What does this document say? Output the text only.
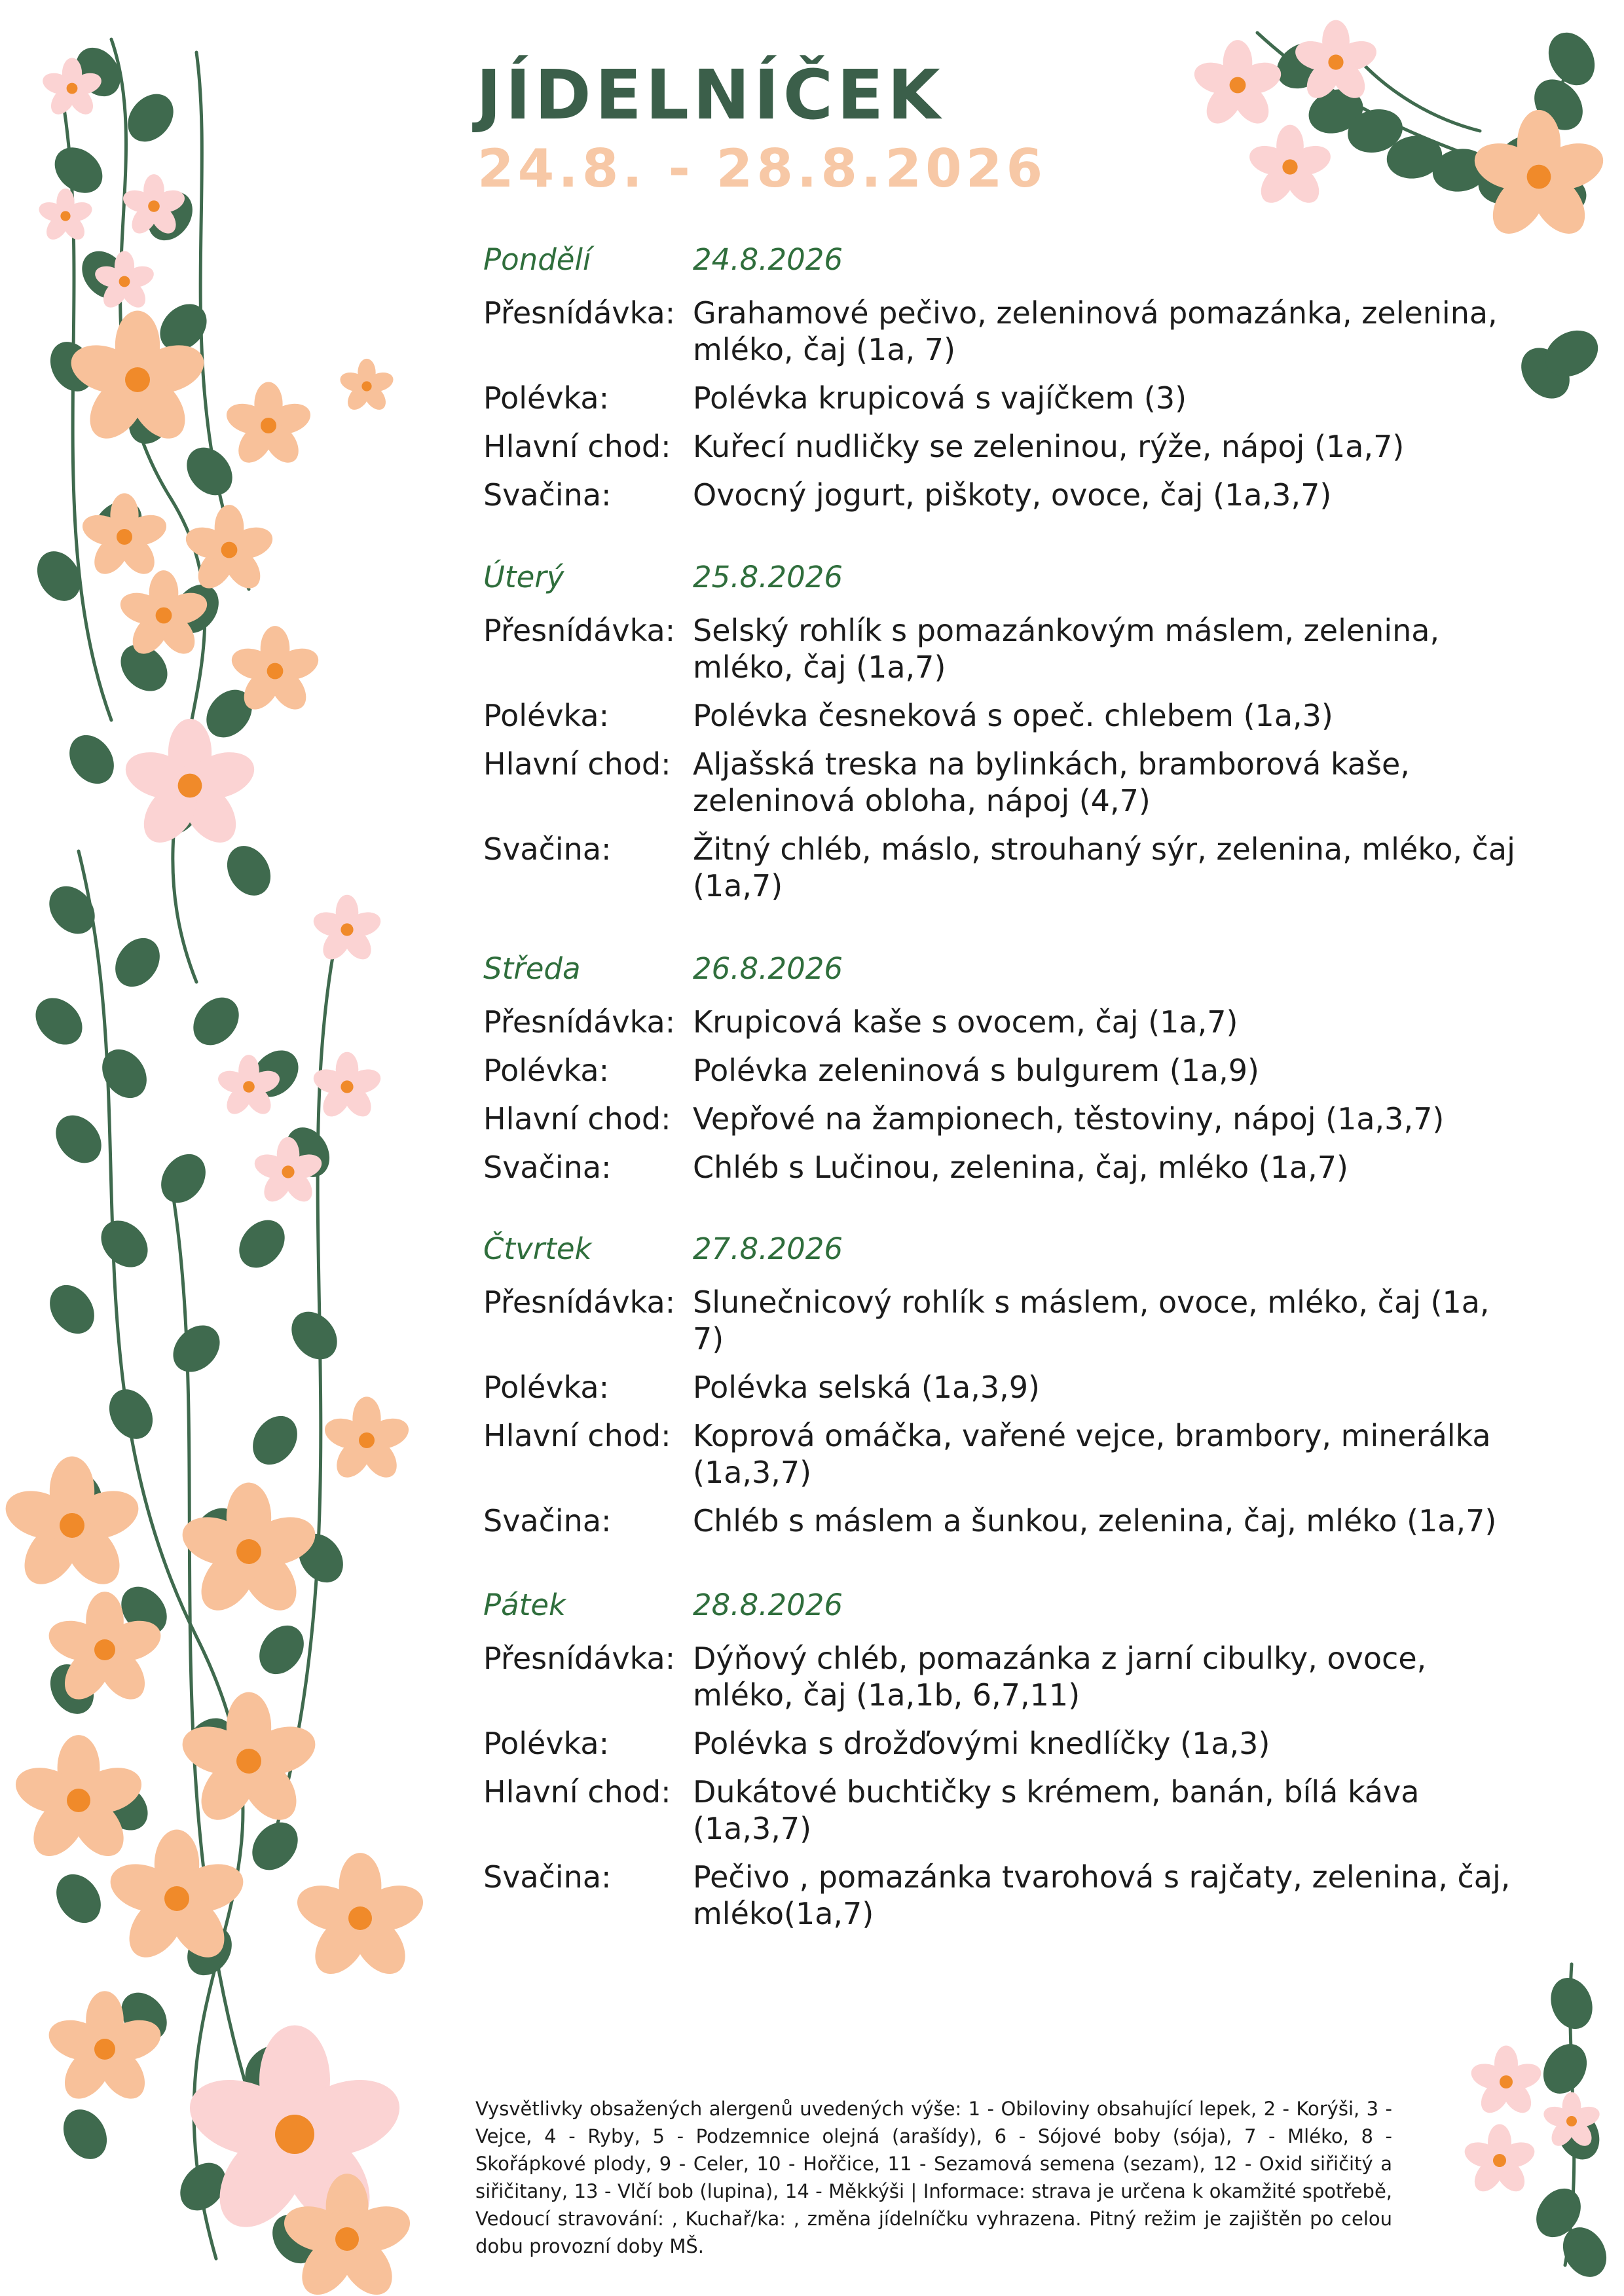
JÍDELNÍČEK
24.8. - 28.8.2026
Pondělí	24.8.2026
Přesnídávka: Grahamové pečivo, zeleninová pomazánka, zelenina, mléko, čaj (1a, 7)
Polévka:	Polévka krupicová s vajíčkem (3)
Hlavní chod: Kuřecí nudličky se zeleninou, rýže, nápoj (1a,7)
Svačina:	Ovocný jogurt, piškoty, ovoce, čaj (1a,3,7)
Úterý	25.8.2026
Přesnídávka: Selský rohlík s pomazánkovým máslem, zelenina, mléko, čaj (1a,7)
Polévka:	Polévka česneková s opeč. chlebem (1a,3)
Hlavní chod: Aljašská treska na bylinkách, bramborová kaše, zeleninová obloha, nápoj (4,7)
Svačina:	Žitný chléb, máslo, strouhaný sýr, zelenina, mléko, čaj (1a,7)
Středa	26.8.2026
Přesnídávka: Krupicová kaše s ovocem, čaj (1a,7)
Polévka:	Polévka zeleninová s bulgurem (1a,9)
Hlavní chod: Vepřové na žampionech, těstoviny, nápoj (1a,3,7)
Svačina:	Chléb s Lučinou, zelenina, čaj, mléko (1a,7)
Čtvrtek	27.8.2026
Přesnídávka: Slunečnicový rohlík s máslem, ovoce, mléko, čaj (1a, 7)
Polévka:	Polévka selská (1a,3,9)
Hlavní chod: Koprová omáčka, vařené vejce, brambory, minerálka (1a,3,7)
Svačina:	Chléb s máslem a šunkou, zelenina, čaj, mléko (1a,7)
Pátek	28.8.2026
Přesnídávka: Dýňový chléb, pomazánka z jarní cibulky, ovoce, mléko, čaj (1a,1b, 6,7,11)
Polévka:	Polévka s drožďovými knedlíčky (1a,3)
Hlavní chod: Dukátové buchtičky s krémem, banán, bílá káva (1a,3,7)
Svačina:	Pečivo , pomazánka tvarohová s rajčaty, zelenina, čaj, mléko(1a,7)
Vysvětlivky obsažených alergenů uvedených výše: 1 - Obiloviny obsahující lepek, 2 - Korýši, 3 - Vejce, 4 - Ryby, 5 - Podzemnice olejná (arašídy), 6 - Sójové boby (sója), 7 - Mléko, 8 - Skořápkové plody, 9 - Celer, 10 - Hořčice, 11 - Sezamová semena (sezam), 12 - Oxid siřičitý a siřičitany, 13 - Vlčí bob (lupina), 14 - Měkkýši | Informace: strava je určena k okamžité spotřebě, Vedoucí stravování: , Kuchař/ka: , změna jídelníčku vyhrazena. Pitný režim je zajištěn po celou dobu provozní doby MŠ.
